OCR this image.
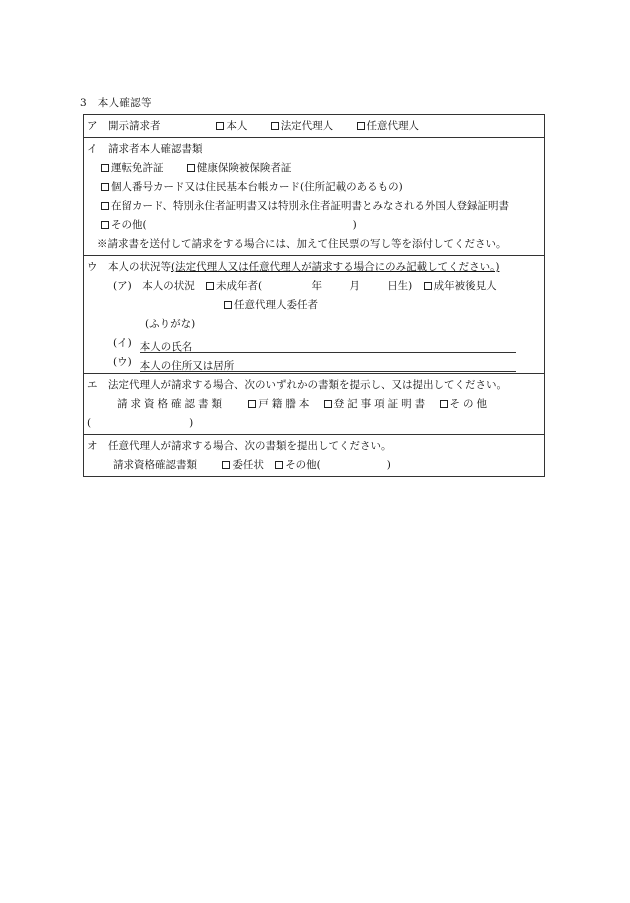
3　本人確認等
ア　開示請求者	本人	法定代理人	任意代理人
イ　請求者本人確認書類
運転免許証	健康保険被保険者証
個人番号カード又は住民基本台帳カード(住所記載のあるもの)
在留カード、特別永住者証明書又は特別永住者証明書とみなされる外国人登録証明書
その他(	)
※請求書を送付して請求をする場合には、加えて住民票の写し等を添付してください。
ウ　本人の状況等(法定代理人又は任意代理人が請求する場合にのみ記載してください。)
(ア)　本人の状況 未成年者(	年	月	日生) 成年被後見人
任意代理人委任者
(ふりがな)
(イ) 本人の氏名
(ウ) 本人の住所又は居所
エ　法定代理人が請求する場合、次のいずれかの書類を提示し、又は提出してください。
請求資格確認書類	戸籍謄本 登記事項証明書 その他
(	)
オ　任意代理人が請求する場合、次の書類を提出してください。
請求資格確認書類	委任状 その他(	)
